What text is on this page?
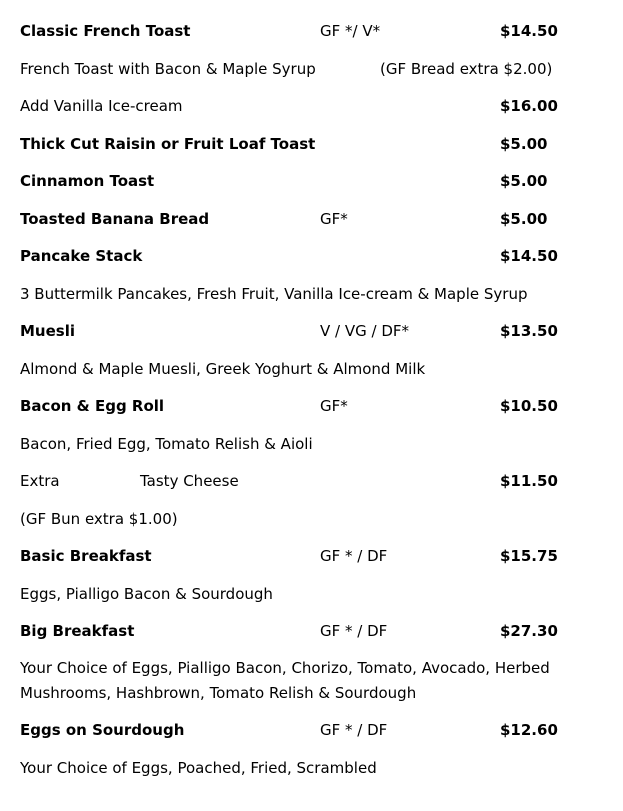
Classic French Toast	GF */ V*	$14.50
French Toast with Bacon & Maple Syrup	(GF Bread extra $2.00)
Add Vanilla Ice-cream	$16.00
Thick Cut Raisin or Fruit Loaf Toast	$5.00
Cinnamon Toast	$5.00
Toasted Banana Bread	GF*	$5.00
Pancake Stack	$14.50
3 Buttermilk Pancakes, Fresh Fruit, Vanilla Ice-cream & Maple Syrup
Muesli	V / VG / DF*	$13.50
Almond & Maple Muesli, Greek Yoghurt & Almond Milk
Bacon & Egg Roll	GF*	$10.50
Bacon, Fried Egg, Tomato Relish & Aioli
Extra	Tasty Cheese	$11.50
(GF Bun extra $1.00)
Basic Breakfast	GF * / DF	$15.75
Eggs, Pialligo Bacon & Sourdough
Big Breakfast	GF * / DF	$27.30
Your Choice of Eggs, Pialligo Bacon, Chorizo, Tomato, Avocado, Herbed Mushrooms, Hashbrown, Tomato Relish & Sourdough
Eggs on Sourdough	GF * / DF	$12.60
Your Choice of Eggs, Poached, Fried, Scrambled
